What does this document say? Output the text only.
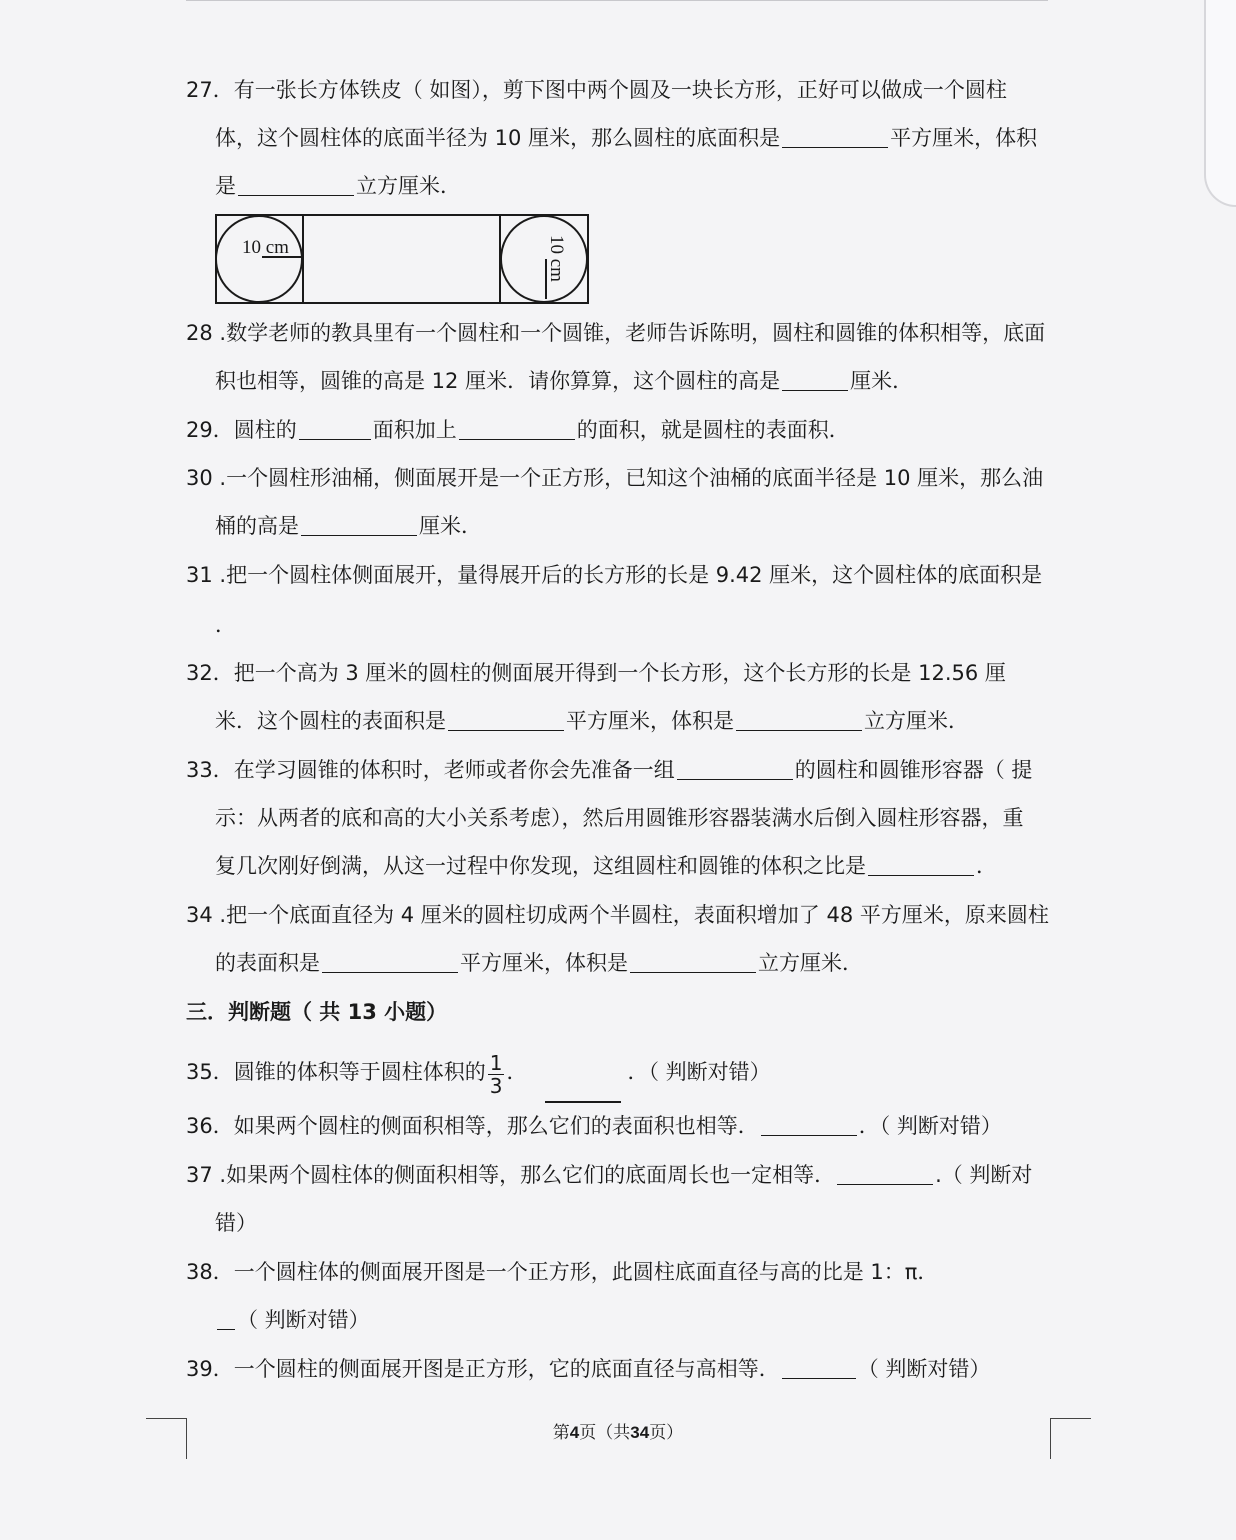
27．有一张长方体铁皮（ 如图），剪下图中两个圆及一块长方形，正好可以做成一个圆柱
体，这个圆柱体的底面半径为 10 厘米，那么圆柱的底面积是	平方厘米，体积
是	立方厘米．
10 cm	10 cm
28 .数学老师的教具里有一个圆柱和一个圆锥，老师告诉陈明，圆柱和圆锥的体积相等，底面
积也相等，圆锥的高是 12 厘米．请你算算，这个圆柱的高是	厘米．
29．圆柱的	面积加上	的面积，就是圆柱的表面积．
30 .一个圆柱形油桶，侧面展开是一个正方形，已知这个油桶的底面半径是 10 厘米，那么油
桶的高是	厘米．
31 .把一个圆柱体侧面展开，量得展开后的长方形的长是 9.42 厘米，这个圆柱体的底面积是
．
32．把一个高为 3 厘米的圆柱的侧面展开得到一个长方形，这个长方形的长是 12.56 厘
米．这个圆柱的表面积是	平方厘米，体积是	立方厘米．
33．在学习圆锥的体积时，老师或者你会先准备一组	的圆柱和圆锥形容器（ 提
示：从两者的底和高的大小关系考虑），然后用圆锥形容器装满水后倒入圆柱形容器，重
复几次刚好倒满，从这一过程中你发现，这组圆柱和圆锥的体积之比是	．
34 .把一个底面直径为 4 厘米的圆柱切成两个半圆柱，表面积增加了 48 平方厘米，原来圆柱
的表面积是	平方厘米，体积是	立方厘米．
三．判断题（ 共 13 小题）
35．圆锥的体积等于圆柱体积的 $\frac{1}{3}$ ．	．（ 判断对错）
36．如果两个圆柱的侧面积相等，那么它们的表面积也相等．	．（ 判断对错）
37 .如果两个圆柱体的侧面积相等，那么它们的底面周长也一定相等．	.（ 判断对
错）
38．一个圆柱体的侧面展开图是一个正方形，此圆柱底面直径与高的比是 1：π．
（ 判断对错）
39．一个圆柱的侧面展开图是正方形，它的底面直径与高相等．	（ 判断对错）
第4页（共34页）
